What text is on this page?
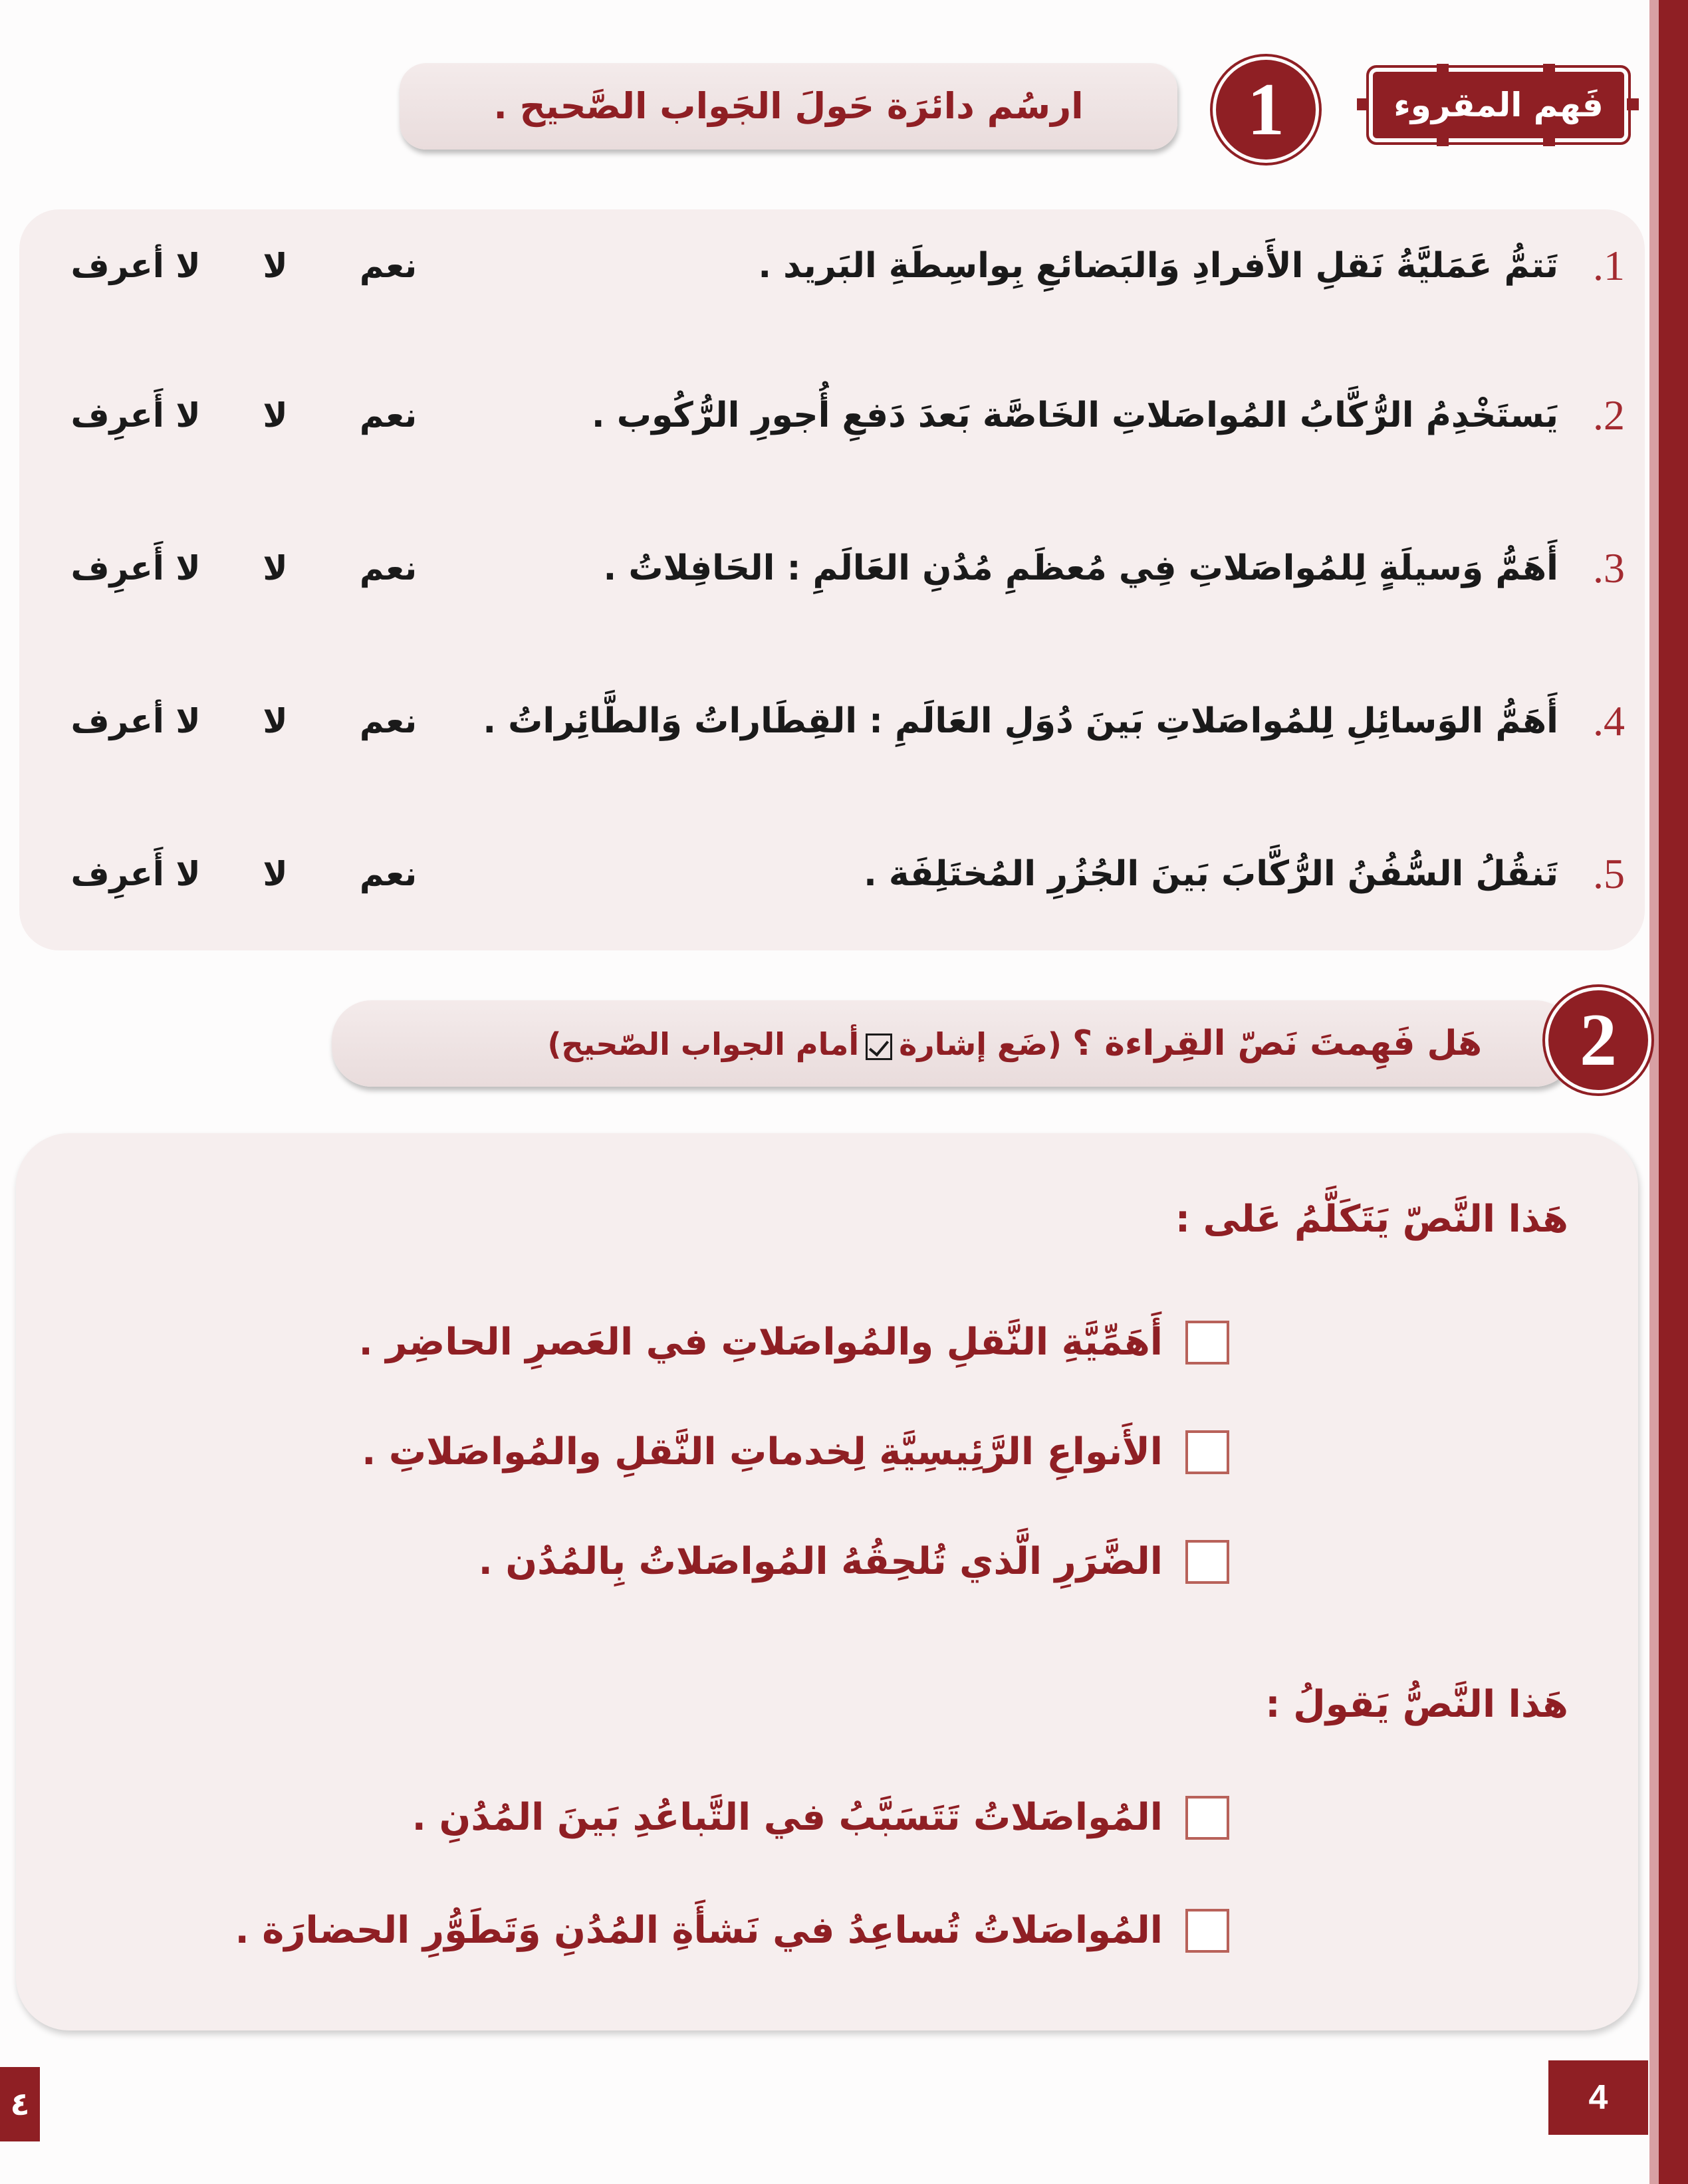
فَهم المقروء
1
ارسُم دائرَة حَولَ الجَواب الصَّحيح .
1.
تَتمُّ عَمَليَّةُ نَقلِ الأَفرادِ وَالبَضائعِ بِواسِطَةِ البَريد .
نعم
لا
لا أعرف
2.
يَستَخْدِمُ الرُّكَّابُ المُواصَلاتِ الخَاصَّة بَعدَ دَفعِ أُجورِ الرُّكُوب .
نعم
لا
لا أَعرِف
3.
أَهَمُّ وَسيلَةٍ لِلمُواصَلاتِ فِي مُعظَمِ مُدُنِ العَالَمِ : الحَافِلاتُ .
نعم
لا
لا أَعرِف
4.
أَهَمُّ الوَسائِلِ لِلمُواصَلاتِ بَينَ دُوَلِ العَالَمِ : القِطَاراتُ وَالطَّائِراتُ .
نعم
لا
لا أعرف
5.
تَنقُلُ السُّفُنُ الرُّكَّابَ بَينَ الجُزُرِ المُختَلِفَة .
نعم
لا
لا أَعرِف
هَل فَهِمتَ نَصّ القِراءة ؟ (ضَع إشارةأمام الجواب الصّحيح)	2
هَذا النَّصّ يَتَكَلَّمُ عَلى :
أَهَمِّيَّةِ النَّقلِ والمُواصَلاتِ في العَصرِ الحاضِر .
الأَنواعِ الرَّئِيسِيَّةِ لِخدماتِ النَّقلِ والمُواصَلاتِ .
الضَّرَرِ الَّذي تُلحِقُهُ المُواصَلاتُ بِالمُدُن .
هَذا النَّصُّ يَقولُ :
المُواصَلاتُ تَتَسَبَّبُ في التَّباعُدِ بَينَ المُدُنِ .
المُواصَلاتُ تُساعِدُ في نَشأَةِ المُدُنِ وَتَطَوُّرِ الحضارَة .
4
٤
